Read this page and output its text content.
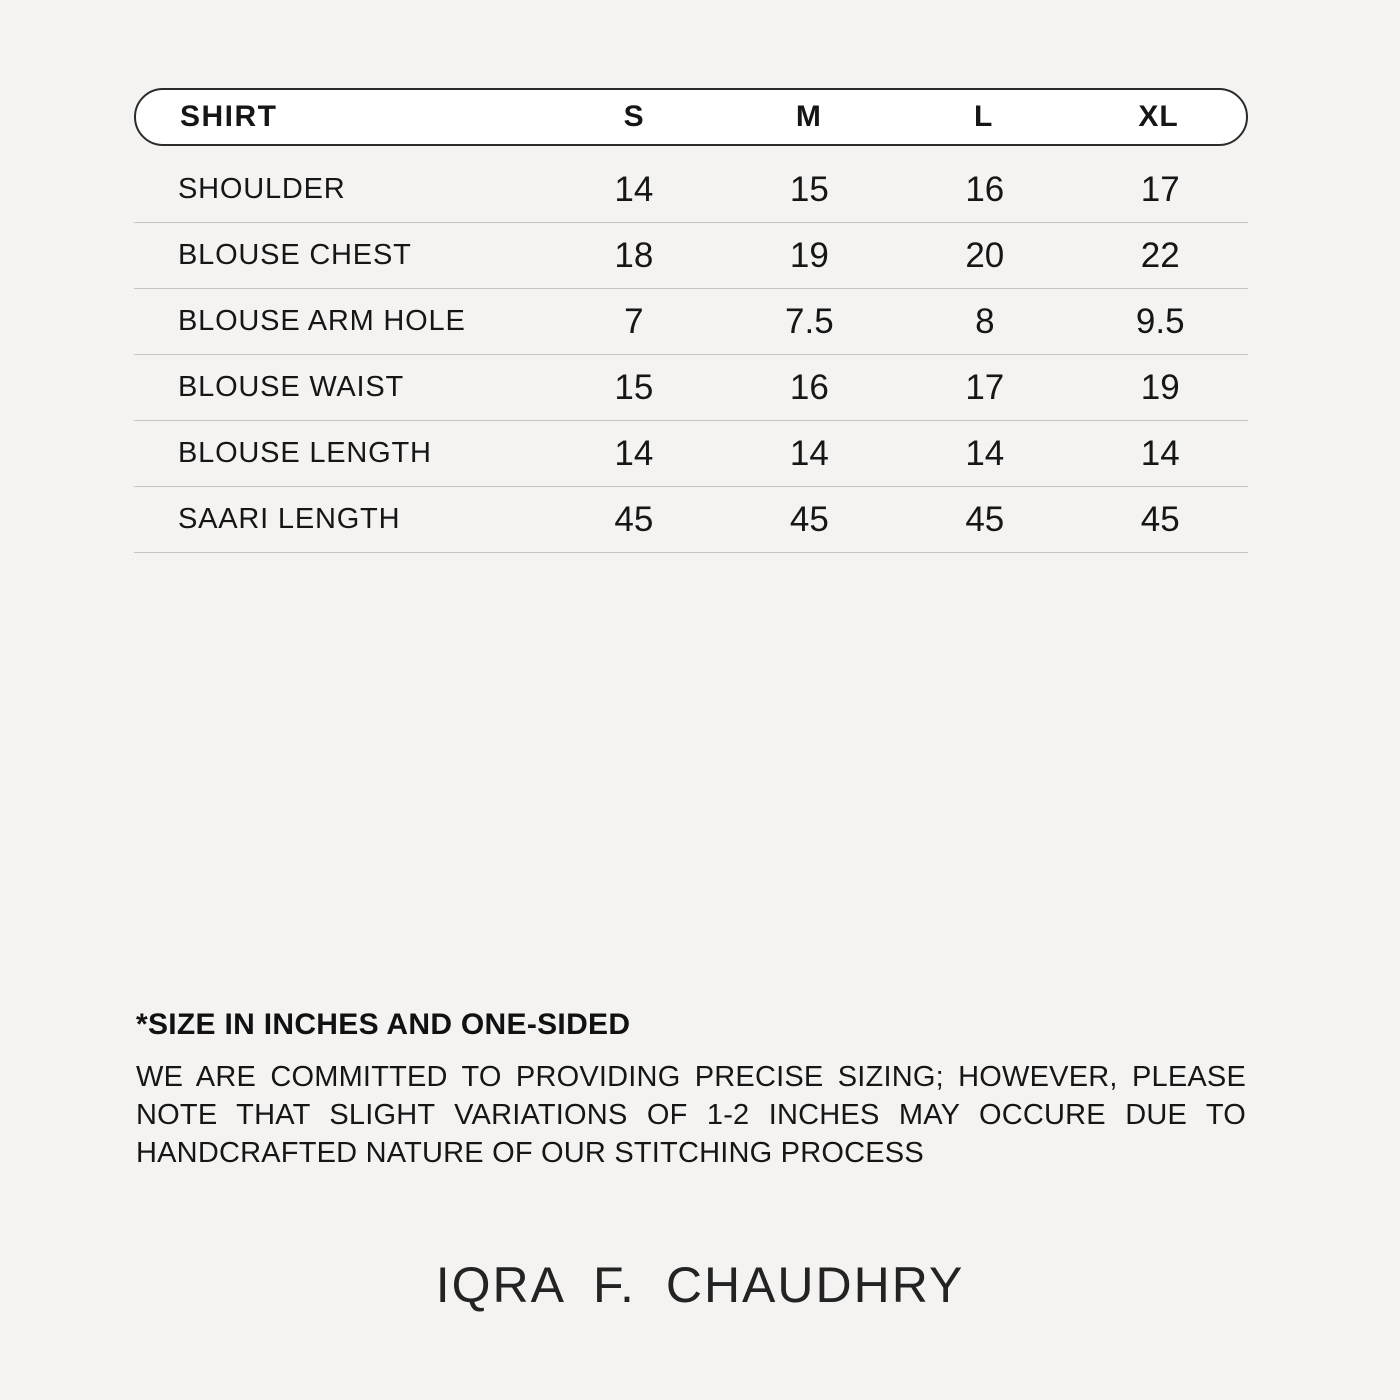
SHIRT	S	M	L	XL
SHOULDER	14	15	16	17
BLOUSE CHEST	18	19	20	22
BLOUSE ARM HOLE	7	7.5	8	9.5
BLOUSE WAIST	15	16	17	19
BLOUSE LENGTH	14	14	14	14
SAARI LENGTH	45	45	45	45
*SIZE IN INCHES AND ONE-SIDED
WE ARE COMMITTED TO PROVIDING PRECISE SIZING; HOWEVER, PLEASE NOTE THAT SLIGHT VARIATIONS OF 1-2 INCHES MAY OCCURE DUE TO HANDCRAFTED NATURE OF OUR STITCHING PROCESS
IQRA F. CHAUDHRY
